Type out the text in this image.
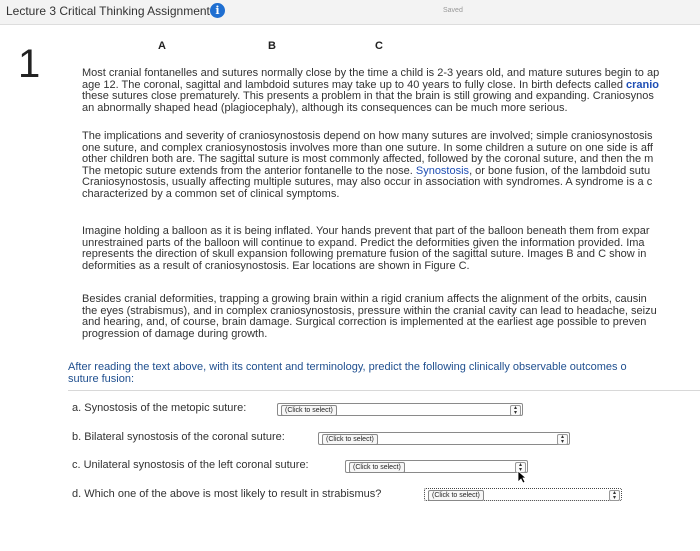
Lecture 3 Critical Thinking Assignment i	Saved
1	A	B	C
Most cranial fontanelles and sutures normally close by the time a child is 2-3 years old, and mature sutures begin to ap
age 12. The coronal, sagittal and lambdoid sutures may take up to 40 years to fully close. In birth defects called cranio
these sutures close prematurely. This presents a problem in that the brain is still growing and expanding. Craniosynos
an abnormally shaped head (plagiocephaly), although its consequences can be much more serious.
The implications and severity of craniosynostosis depend on how many sutures are involved; simple craniosynostosis
one suture, and complex craniosynostosis involves more than one suture. In some children a suture on one side is aff
other children both are. The sagittal suture is most commonly affected, followed by the coronal suture, and then the m
The metopic suture extends from the anterior fontanelle to the nose. Synostosis, or bone fusion, of the lambdoid sutu
Craniosynostosis, usually affecting multiple sutures, may also occur in association with syndromes. A syndrome is a c
characterized by a common set of clinical symptoms.
Imagine holding a balloon as it is being inflated. Your hands prevent that part of the balloon beneath them from expar
unrestrained parts of the balloon will continue to expand. Predict the deformities given the information provided. Ima
represents the direction of skull expansion following premature fusion of the sagittal suture. Images B and C show in
deformities as a result of craniosynostosis. Ear locations are shown in Figure C.
Besides cranial deformities, trapping a growing brain within a rigid cranium affects the alignment of the orbits, causin
the eyes (strabismus), and in complex craniosynostosis, pressure within the cranial cavity can lead to headache, seizu
and hearing, and, of course, brain damage. Surgical correction is implemented at the earliest age possible to preven
progression of damage during growth.
After reading the text above, with its content and terminology, predict the following clinically observable outcomes o
suture fusion:
a. Synostosis of the metopic suture:	(Click to select)	▴
▾
b. Bilateral synostosis of the coronal suture:	(Click to select)	▴
▾
c. Unilateral synostosis of the left coronal suture:	(Click to select)	▴
▾
d. Which one of the above is most likely to result in strabismus?	(Click to select)	▴
▾
